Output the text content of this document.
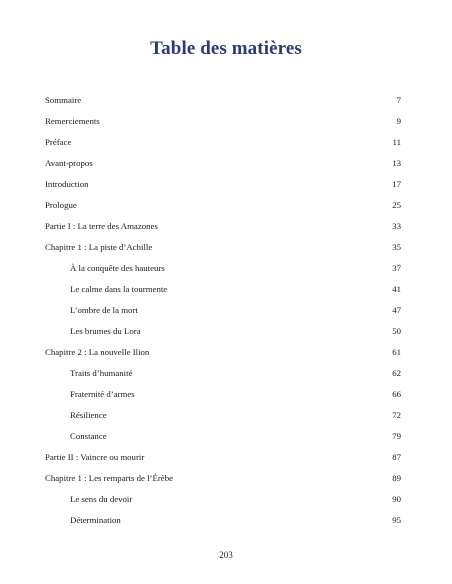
Table des matières
Sommaire	7
Remerciements	9
Préface	11
Avant-propos	13
Introduction	17
Prologue	25
Partie I : La terre des Amazones	33
Chapitre 1 : La piste d’Achille	35
À la conquête des hauteurs	37
Le calme dans la tourmente	41
L’ombre de la mort	47
Les brumes du Lora	50
Chapitre 2 : La nouvelle Ilion	61
Traits d’humanité	62
Fraternité d’armes	66
Résilience	72
Constance	79
Partie II : Vaincre ou mourir	87
Chapitre 1 : Les remparts de l’Érèbe	89
Le sens du devoir	90
Détermination	95
203
